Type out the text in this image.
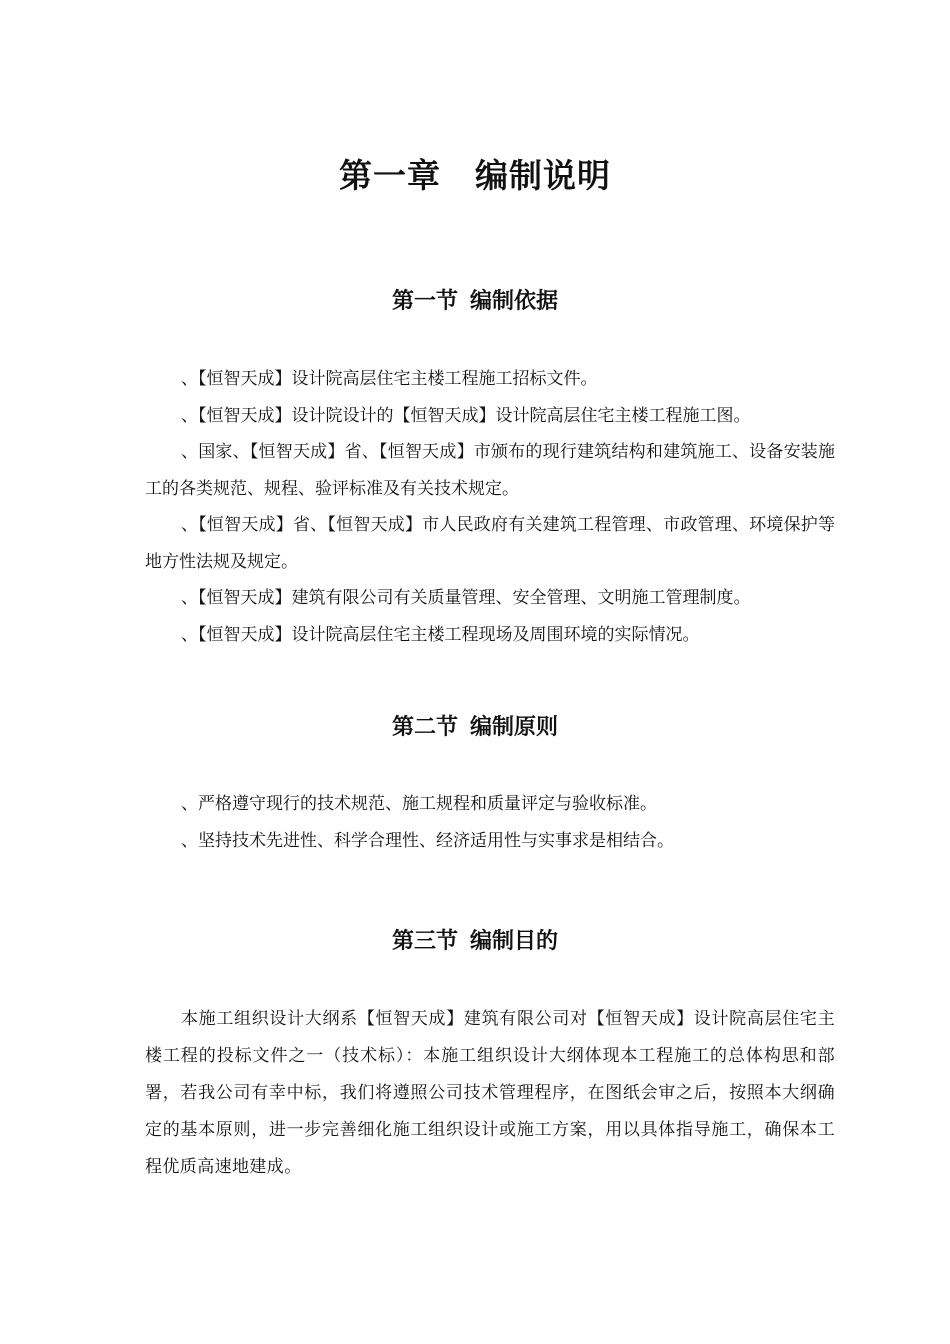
第一章 编制说明
第一节 编制依据

、【恒智天成】设计院高层住宅主楼工程施工招标文件。

、【恒智天成】设计院设计的【恒智天成】设计院高层住宅主楼工程施工图。

、国家、【恒智天成】省、【恒智天成】市颁布的现行建筑结构和建筑施工、设备安装施工的各类规范、规程、验评标准及有关技术规定。

、【恒智天成】省、【恒智天成】市人民政府有关建筑工程管理、市政管理、环境保护等地方性法规及规定。

、【恒智天成】建筑有限公司有关质量管理、安全管理、文明施工管理制度。

、【恒智天成】设计院高层住宅主楼工程现场及周围环境的实际情况。

第二节 编制原则

、严格遵守现行的技术规范、施工规程和质量评定与验收标准。

、坚持技术先进性、科学合理性、经济适用性与实事求是相结合。

第三节 编制目的

本施工组织设计大纲系【恒智天成】建筑有限公司对【恒智天成】设计院高层住宅主楼工程的投标文件之一（技术标）：本施工组织设计大纲体现本工程施工的总体构思和部署，若我公司有幸中标，我们将遵照公司技术管理程序，在图纸会审之后，按照本大纲确定的基本原则，进一步完善细化施工组织设计或施工方案，用以具体指导施工，确保本工程优质高速地建成。
